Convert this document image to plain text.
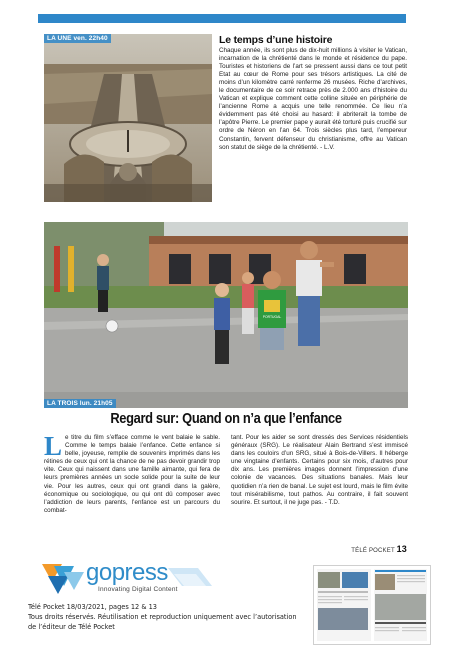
LA UNE ven. 22h40	Le temps d’une histoire

Chaque année, ils sont plus de dix-huit millions à visiter le Vatican, incarnation de la chrétienté dans le monde et résidence du pape. Touristes et historiens de l’art se pressent aussi dans ce tout petit Etat au cœur de Rome pour ses trésors artistiques. La cité de moins d’un kilomètre carré renferme 26 musées. Riche d’archives, le documentaire de ce soir retrace près de 2.000 ans d’histoire du Vatican et explique comment cette colline située en périphérie de l’ancienne Rome a acquis une telle renommée. Ce lieu n’a évidemment pas été choisi au hasard: il abriterait la tombe de l’apôtre Pierre. Le premier pape y aurait été torturé puis crucifié sur ordre de Néron en l’an 64. Trois siècles plus tard, l’empereur Constantin, fervent défenseur du christianisme, offre au Vatican son statut de siège de la chrétienté. - L.V.

PORTUGAL
LA TROIS lun. 21h05
Regard sur: Quand on n’a que l’enfance

Le titre du film s’efface comme le vent balaie le sable. Comme le temps balaie l’enfance. Cette enfance si belle, joyeuse, remplie de souvenirs imprimés dans les rétines de ceux qui ont la chance de ne pas devoir grandir trop vite. Ceux qui naissent dans une famille aimante, qui fera de leurs premières années un socle solide pour la suite de leur vie. Pour les autres, ceux qui ont grandi dans la galère, économique ou sociologique, ou qui ont dû composer avec l’addiction de leurs parents, l’enfance est un parcours du combat-

tant. Pour les aider se sont dressés des Services résidentiels généraux (SRG). Le réalisateur Alain Bertrand s’est immiscé dans les couloirs d’un SRG, situé à Bois-de-Villers. Il héberge une vingtaine d’enfants. Certains pour six mois, d’autres pour dix ans. Les premières images donnent l’impression d’une colonie de vacances. Des situations banales. Mais leur quotidien n’a rien de banal. Le sujet est lourd, mais le film évite tout misérabilisme, tout pathos. Au contraire, il fait souvent sourire. Et surtout, il ne juge pas. - T.D.

TÉLÉ POCKET 13
gopress
Innovating Digital Content
Télé Pocket 18/03/2021, pages 12 & 13
Tous droits réservés. Réutilisation et reproduction uniquement avec l’autorisation
de l’éditeur de Télé Pocket
